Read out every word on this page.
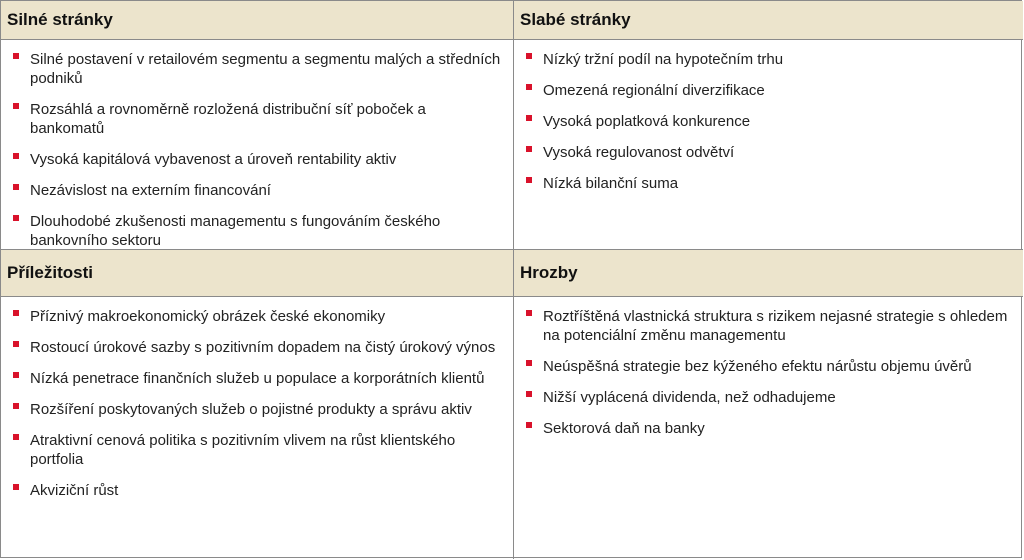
Silné stránky	Slabé stránky
Silné postavení v retailovém segmentu a segmentu malých a středních podniků
Rozsáhlá a rovnoměrně rozložená distribuční síť poboček a bankomatů
Vysoká kapitálová vybavenost a úroveň rentability aktiv
Nezávislost na externím financování
Dlouhodobé zkušenosti managementu s fungováním českého bankovního sektoru
Nízký tržní podíl na hypotečním trhu
Omezená regionální diverzifikace
Vysoká poplatková konkurence
Vysoká regulovanost odvětví
Nízká bilanční suma
Příležitosti	Hrozby
Příznivý makroekonomický obrázek české ekonomiky
Rostoucí úrokové sazby s pozitivním dopadem na čistý úrokový výnos
Nízká penetrace finančních služeb u populace a korporátních klientů
Rozšíření poskytovaných služeb o pojistné produkty a správu aktiv
Atraktivní cenová politika s pozitivním vlivem na růst klientského portfolia
Akviziční růst
Roztříštěná vlastnická struktura s rizikem nejasné strategie s ohledem na potenciální změnu managementu
Neúspěšná strategie bez kýženého efektu nárůstu objemu úvěrů
Nižší vyplácená dividenda, než odhadujeme
Sektorová daň na banky
